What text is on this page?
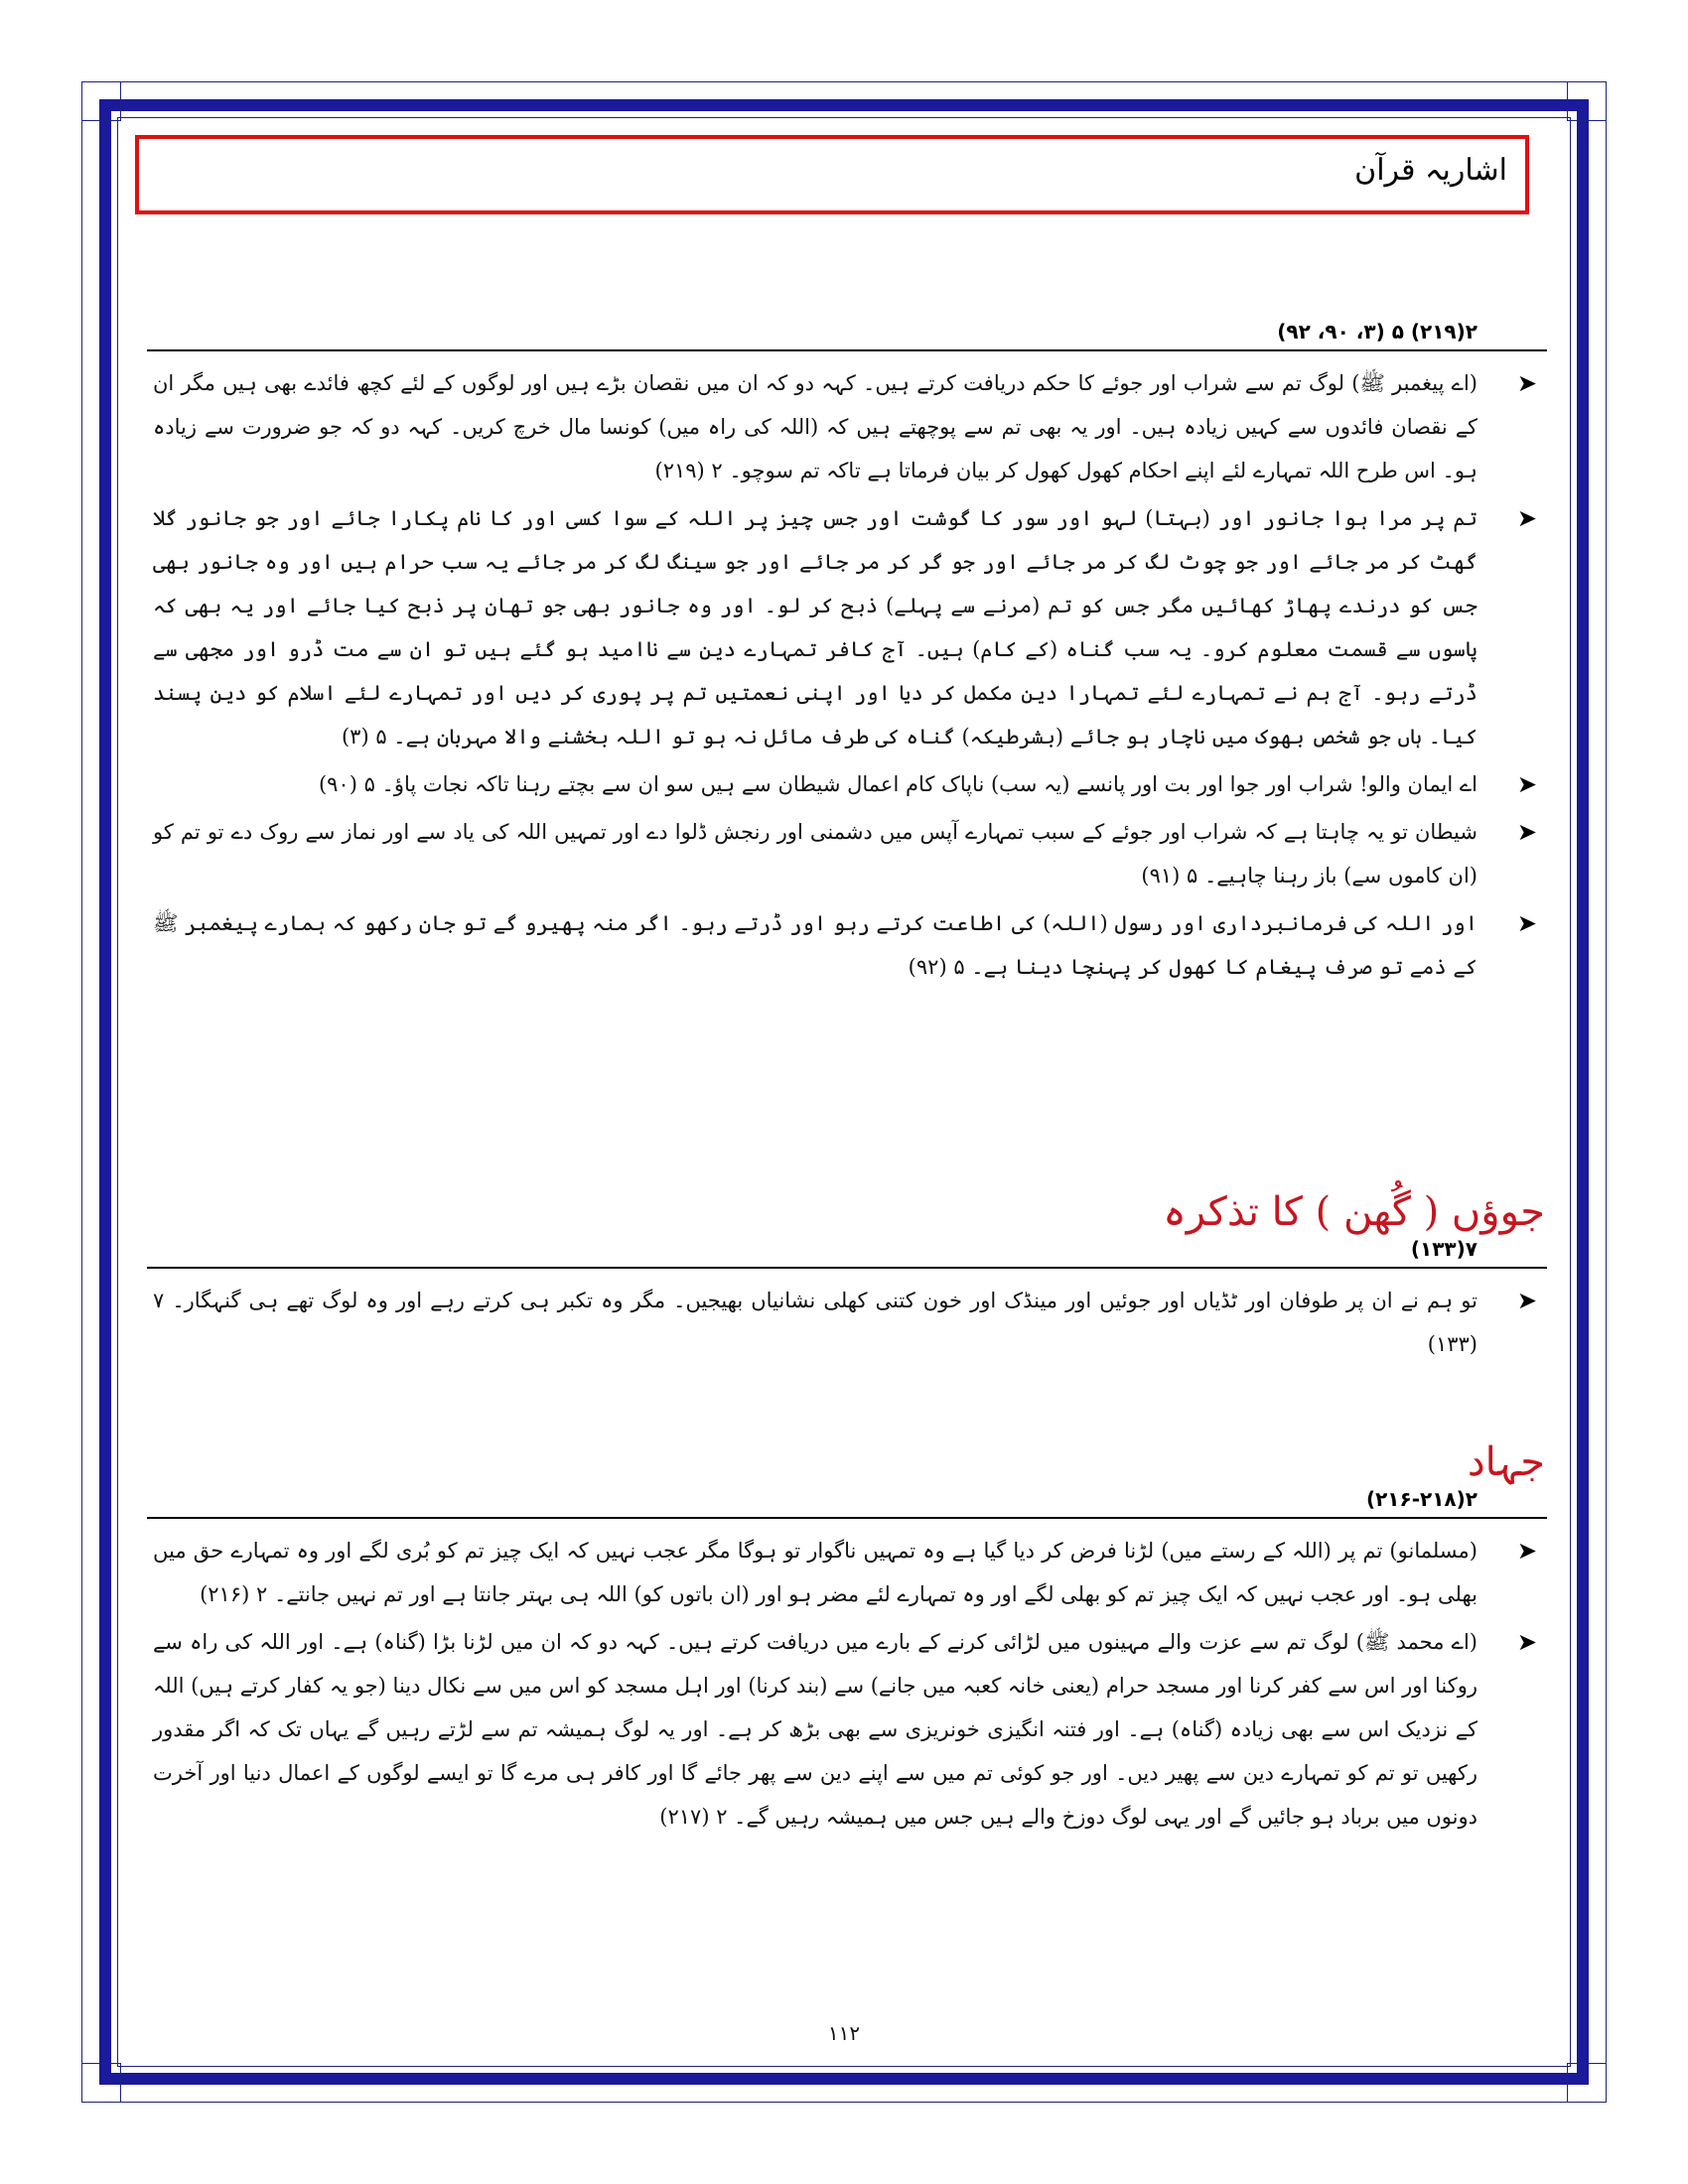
اشاریہ قرآن
۲(۲۱۹) ۵ (۳، ۹۰، ۹۲)
➤
(اے پیغمبر ﷺ) لوگ تم سے شراب اور جوئے کا حکم دریافت کرتے ہیں۔ کہہ دو کہ ان میں نقصان بڑے ہیں اور لوگوں کے لئے کچھ فائدے بھی ہیں مگر ان کے نقصان فائدوں سے کہیں زیادہ ہیں۔ اور یہ بھی تم سے پوچھتے ہیں کہ (اللہ کی راہ میں) کونسا مال خرچ کریں۔ کہہ دو کہ جو ضرورت سے زیادہ ہو۔ اس طرح اللہ تمہارے لئے اپنے احکام کھول کھول کر بیان فرماتا ہے تاکہ تم سوچو۔ ۲ (۲۱۹)
➤
تم پر مرا ہوا جانور اور (بہتا) لہو اور سور کا گوشت اور جس چیز پر اللہ کے سوا کسی اور کا نام پکارا جائے اور جو جانور گلا گھٹ کر مر جائے اور جو چوٹ لگ کر مر جائے اور جو گر کر مر جائے اور جو سینگ لگ کر مر جائے یہ سب حرام ہیں اور وہ جانور بھی جس کو درندے پھاڑ کھائیں مگر جس کو تم (مرنے سے پہلے) ذبح کر لو۔ اور وہ جانور بھی جو تھان پر ذبح کیا جائے اور یہ بھی کہ پاسوں سے قسمت معلوم کرو۔ یہ سب گناہ (کے کام) ہیں۔ آج کافر تمہارے دین سے ناامید ہو گئے ہیں تو ان سے مت ڈرو اور مجھی سے ڈرتے رہو۔ آج ہم نے تمہارے لئے تمہارا دین مکمل کر دیا اور اپنی نعمتیں تم پر پوری کر دیں اور تمہارے لئے اسلام کو دین پسند کیا۔ ہاں جو شخص بھوک میں ناچار ہو جائے (بشرطیکہ) گناہ کی طرف مائل نہ ہو تو اللہ بخشنے والا مہربان ہے۔ ۵ (۳)
➤
اے ایمان والو! شراب اور جوا اور بت اور پانسے (یہ سب) ناپاک کام اعمال شیطان سے ہیں سو ان سے بچتے رہنا تاکہ نجات پاؤ۔ ۵ (۹۰)
➤
شیطان تو یہ چاہتا ہے کہ شراب اور جوئے کے سبب تمہارے آپس میں دشمنی اور رنجش ڈلوا دے اور تمہیں اللہ کی یاد سے اور نماز سے روک دے تو تم کو (ان کاموں سے) باز رہنا چاہیے۔ ۵ (۹۱)
➤
اور اللہ کی فرمانبرداری اور رسول (اللہ) کی اطاعت کرتے رہو اور ڈرتے رہو۔ اگر منہ پھیرو گے تو جان رکھو کہ ہمارے پیغمبر ﷺ کے ذمے تو صرف پیغام کا کھول کر پہنچا دینا ہے۔ ۵ (۹۲)
جوؤں ( گُھن ) کا تذکرہ
۷(۱۳۳)
➤
تو ہم نے ان پر طوفان اور ٹڈیاں اور جوئیں اور مینڈک اور خون کتنی کھلی نشانیاں بھیجیں۔ مگر وہ تکبر ہی کرتے رہے اور وہ لوگ تھے ہی گنہگار۔ ۷ (۱۳۳)
جہاد
۲(۲۱۶-۲۱۸)
➤
(مسلمانو) تم پر (اللہ کے رستے میں) لڑنا فرض کر دیا گیا ہے وہ تمہیں ناگوار تو ہوگا مگر عجب نہیں کہ ایک چیز تم کو بُری لگے اور وہ تمہارے حق میں بھلی ہو۔ اور عجب نہیں کہ ایک چیز تم کو بھلی لگے اور وہ تمہارے لئے مضر ہو اور (ان باتوں کو) اللہ ہی بہتر جانتا ہے اور تم نہیں جانتے۔ ۲ (۲۱۶)
➤
(اے محمد ﷺ) لوگ تم سے عزت والے مہینوں میں لڑائی کرنے کے بارے میں دریافت کرتے ہیں۔ کہہ دو کہ ان میں لڑنا بڑا (گناہ) ہے۔ اور اللہ کی راہ سے روکنا اور اس سے کفر کرنا اور مسجد حرام (یعنی خانہ کعبہ میں جانے) سے (بند کرنا) اور اہل مسجد کو اس میں سے نکال دینا (جو یہ کفار کرتے ہیں) اللہ کے نزدیک اس سے بھی زیادہ (گناہ) ہے۔ اور فتنہ انگیزی خونریزی سے بھی بڑھ کر ہے۔ اور یہ لوگ ہمیشہ تم سے لڑتے رہیں گے یہاں تک کہ اگر مقدور رکھیں تو تم کو تمہارے دین سے پھیر دیں۔ اور جو کوئی تم میں سے اپنے دین سے پھر جائے گا اور کافر ہی مرے گا تو ایسے لوگوں کے اعمال دنیا اور آخرت دونوں میں برباد ہو جائیں گے اور یہی لوگ دوزخ والے ہیں جس میں ہمیشہ رہیں گے۔ ۲ (۲۱۷)
۱۱۲
